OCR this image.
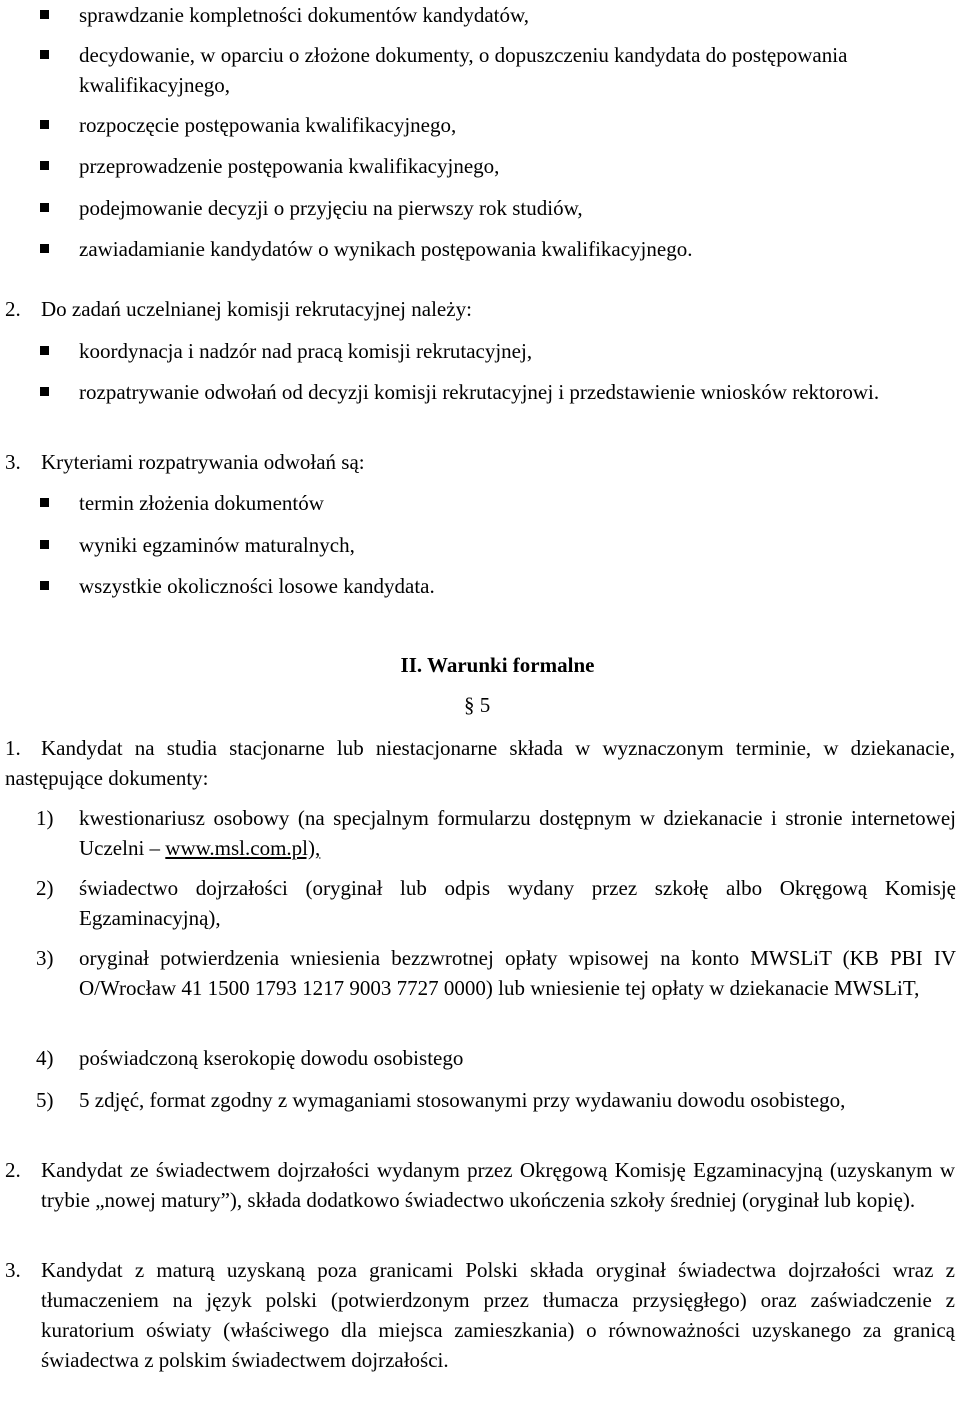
sprawdzanie kompletności dokumentów kandydatów,
decydowanie, w oparciu o złożone dokumenty, o dopuszczeniu kandydata do postępowania kwalifikacyjnego,
rozpoczęcie postępowania kwalifikacyjnego,
przeprowadzenie postępowania kwalifikacyjnego,
podejmowanie decyzji o przyjęciu na pierwszy rok studiów,
zawiadamianie kandydatów o wynikach postępowania kwalifikacyjnego.
2. Do zadań uczelnianej komisji rekrutacyjnej należy:
koordynacja i nadzór nad pracą komisji rekrutacyjnej,
rozpatrywanie odwołań od decyzji komisji rekrutacyjnej i przedstawienie wniosków rektorowi.
3. Kryteriami rozpatrywania odwołań są:
termin złożenia dokumentów
wyniki egzaminów maturalnych,
wszystkie okoliczności losowe kandydata.
II. Warunki formalne
§ 5
1. Kandydat na studia stacjonarne lub niestacjonarne składa w wyznaczonym terminie, w dziekanacie, następujące dokumenty:
1) kwestionariusz osobowy (na specjalnym formularzu dostępnym w dziekanacie i stronie internetowej Uczelni – www.msl.com.pl),
2) świadectwo dojrzałości (oryginał lub odpis wydany przez szkołę albo Okręgową Komisję Egzaminacyjną),
3) oryginał potwierdzenia wniesienia bezzwrotnej opłaty wpisowej na konto MWSLiT (KB PBI IV O/Wrocław 41 1500 1793 1217 9003 7727 0000) lub wniesienie tej opłaty w dziekanacie MWSLiT,
4) poświadczoną kserokopię dowodu osobistego
5) 5 zdjęć, format zgodny z wymaganiami stosowanymi przy wydawaniu dowodu osobistego,
2. Kandydat ze świadectwem dojrzałości wydanym przez Okręgową Komisję Egzaminacyjną (uzyskanym w trybie „nowej matury”), składa dodatkowo świadectwo ukończenia szkoły średniej (oryginał lub kopię).
3. Kandydat z maturą uzyskaną poza granicami Polski składa oryginał świadectwa dojrzałości wraz z tłumaczeniem na język polski (potwierdzonym przez tłumacza przysięgłego) oraz zaświadczenie z kuratorium oświaty (właściwego dla miejsca zamieszkania) o równoważności uzyskanego za granicą świadectwa z polskim świadectwem dojrzałości.
